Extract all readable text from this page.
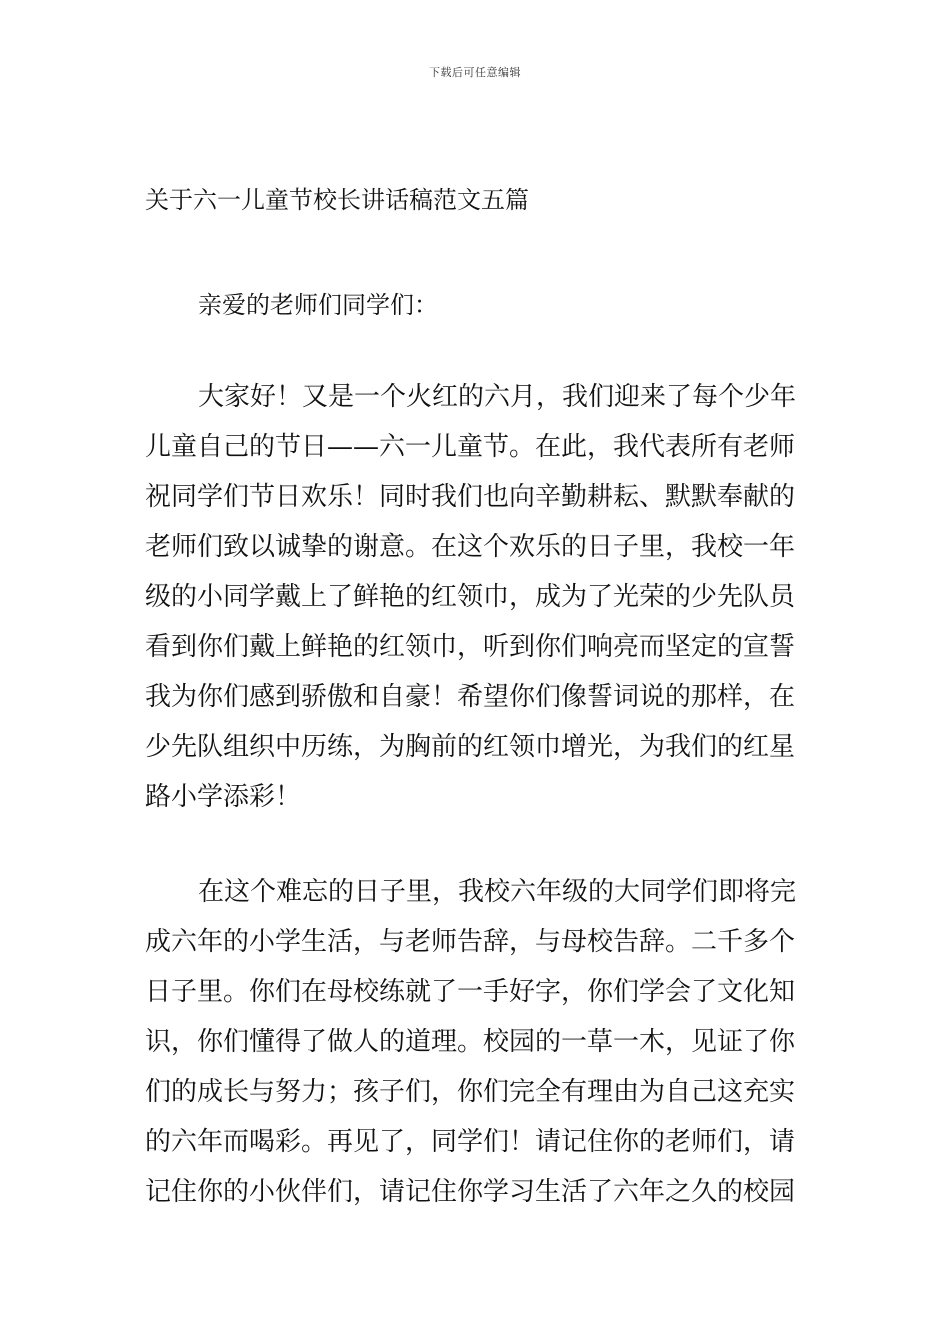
下载后可任意编辑
关于六一儿童节校长讲话稿范文五篇
亲爱的老师们同学们：
大家好！又是一个火红的六月，我们迎来了每个少年
儿童自己的节日——六一儿童节。在此，我代表所有老师
祝同学们节日欢乐！同时我们也向辛勤耕耘、默默奉献的
老师们致以诚挚的谢意。在这个欢乐的日子里，我校一年
级的小同学戴上了鲜艳的红领巾，成为了光荣的少先队员
看到你们戴上鲜艳的红领巾，听到你们响亮而坚定的宣誓
我为你们感到骄傲和自豪！希望你们像誓词说的那样，在
少先队组织中历练，为胸前的红领巾增光，为我们的红星
路小学添彩！
在这个难忘的日子里，我校六年级的大同学们即将完
成六年的小学生活，与老师告辞，与母校告辞。二千多个
日子里。你们在母校练就了一手好字，你们学会了文化知
识，你们懂得了做人的道理。校园的一草一木，见证了你
们的成长与努力；孩子们，你们完全有理由为自己这充实
的六年而喝彩。再见了，同学们！请记住你的老师们，请
记住你的小伙伴们，请记住你学习生活了六年之久的校园
